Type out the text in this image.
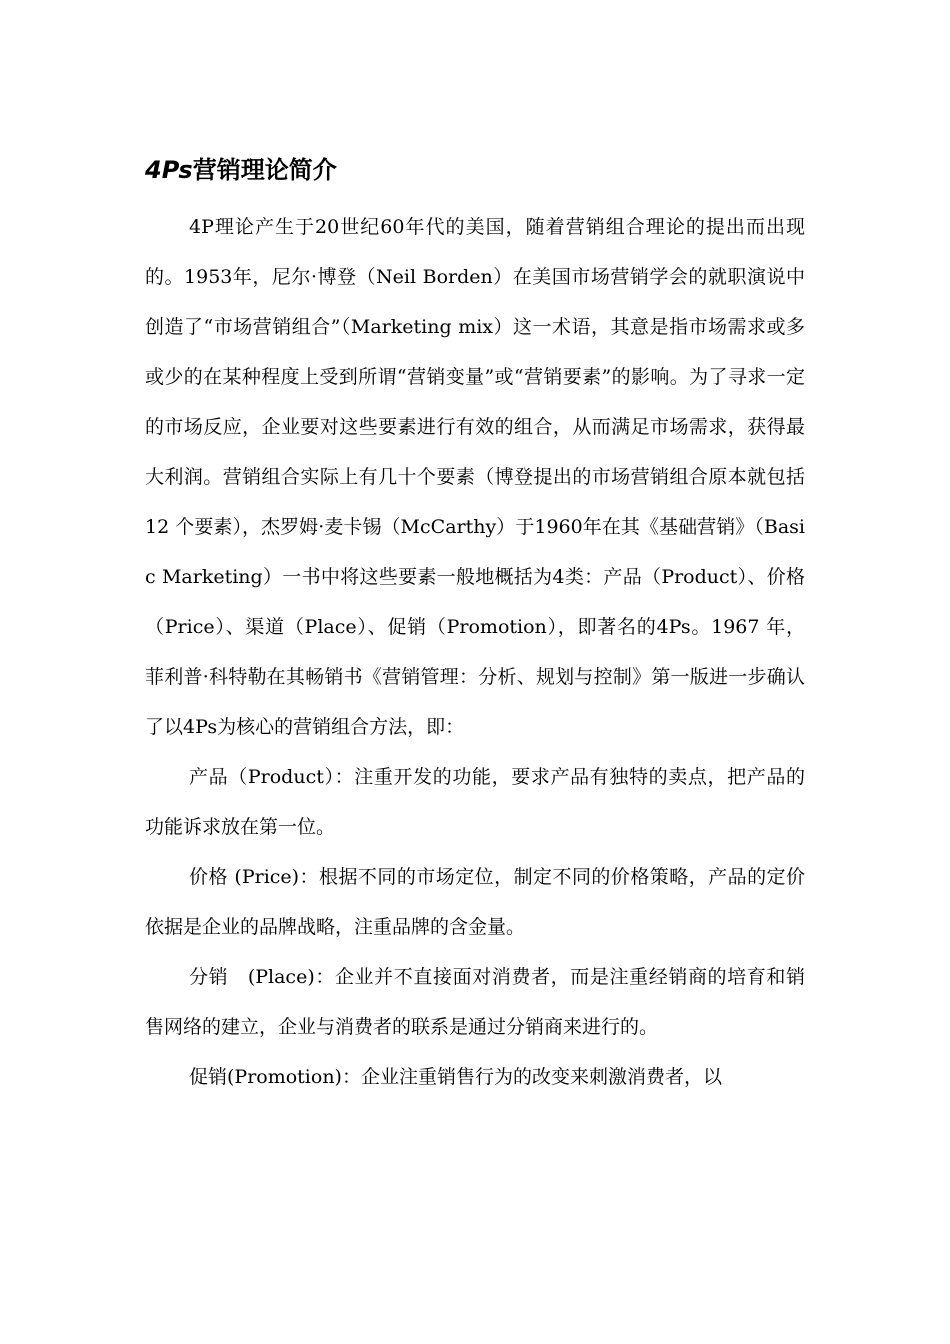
4Ps营销理论简介

4P理论产生于20世纪60年代的美国，随着营销组合理论的提出而出现的。1953年，尼尔·博登（Neil Borden）在美国市场营销学会的就职演说中创造了“市场营销组合”（Marketing mix）这一术语，其意是指市场需求或多或少的在某种程度上受到所谓“营销变量”或“营销要素”的影响。为了寻求一定的市场反应，企业要对这些要素进行有效的组合，从而满足市场需求，获得最大利润。营销组合实际上有几十个要素（博登提出的市场营销组合原本就包括 12 个要素），杰罗姆·麦卡锡（McCarthy）于1960年在其《基础营销》（Basic Marketing）一书中将这些要素一般地概括为4类：产品（Product）、价格（Price）、渠道（Place）、促销（Promotion），即著名的4Ps。1967 年，菲利普·科特勒在其畅销书《营销管理：分析、规划与控制》第一版进一步确认了以4Ps为核心的营销组合方法，即：

产品（Product）：注重开发的功能，要求产品有独特的卖点，把产品的功能诉求放在第一位。

价格 (Price)：根据不同的市场定位，制定不同的价格策略，产品的定价依据是企业的品牌战略，注重品牌的含金量。

分销　(Place)：企业并不直接面对消费者，而是注重经销商的培育和销售网络的建立，企业与消费者的联系是通过分销商来进行的。

促销(Promotion)：企业注重销售行为的改变来刺激消费者，以
